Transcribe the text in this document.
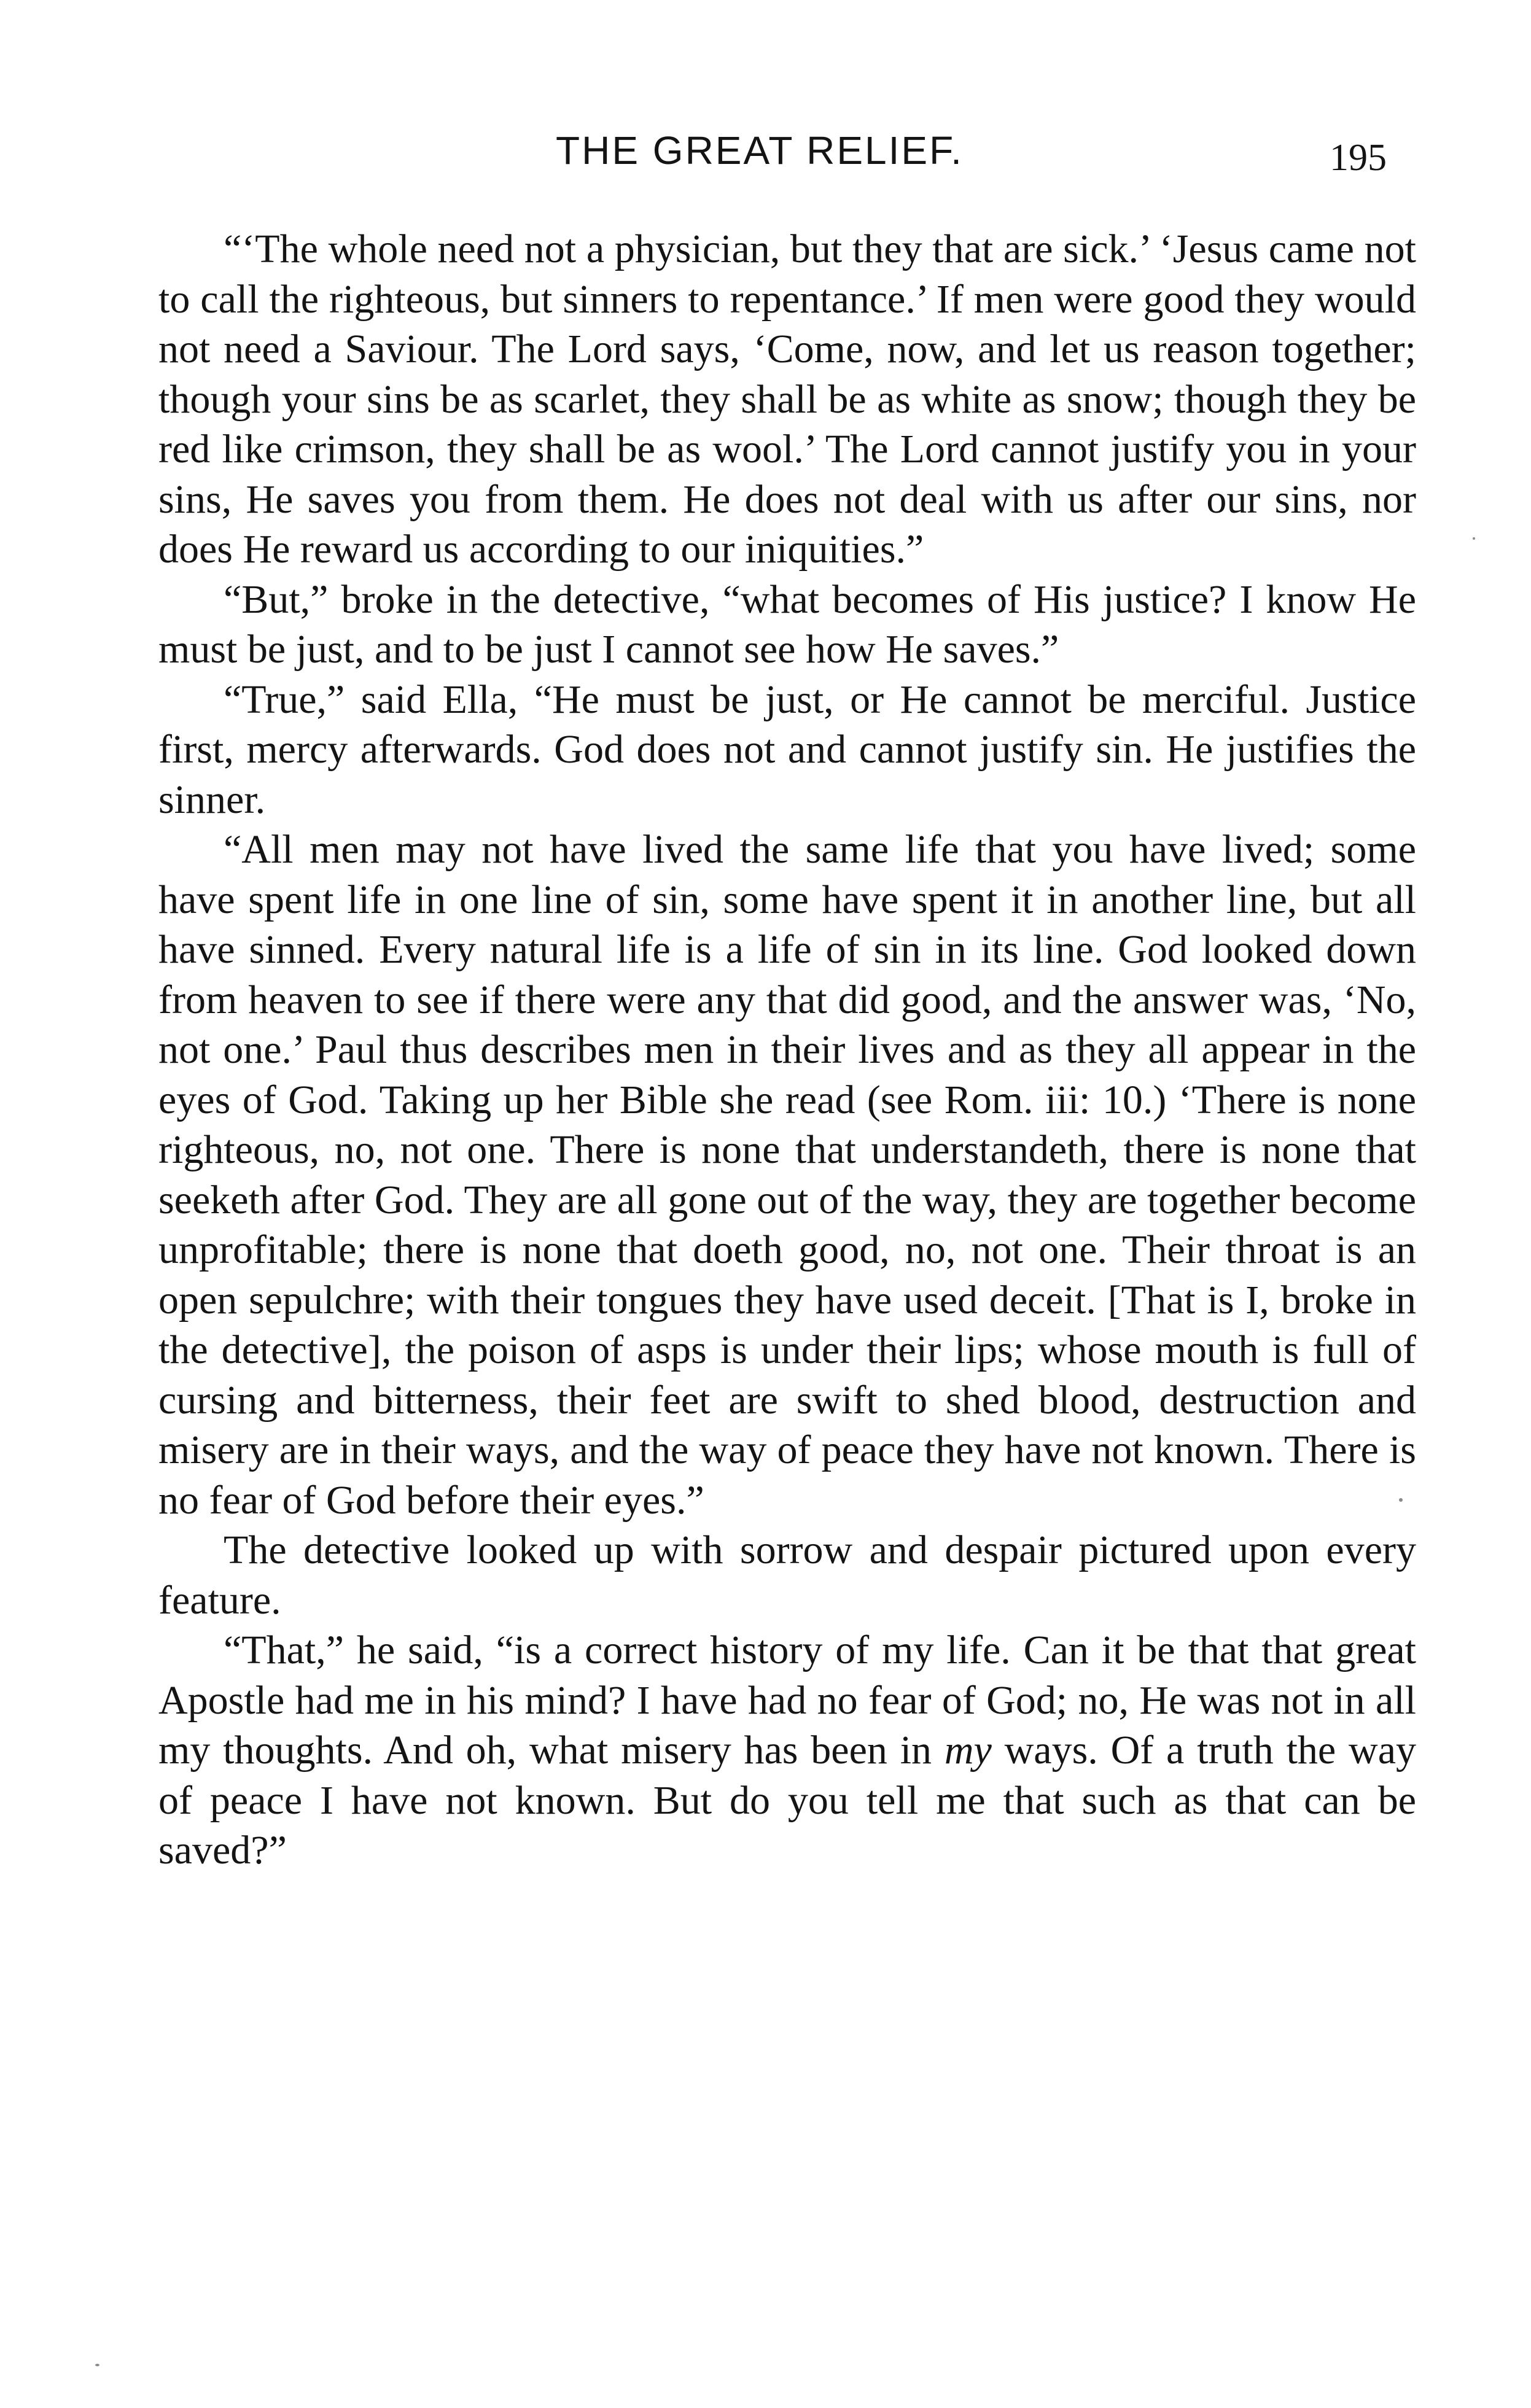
THE GREAT RELIEF.	195

“‘The whole need not a physician, but they that are sick.’ ‘Jesus came not to call the righteous, but sinners to repentance.’ If men were good they would not need a Saviour. The Lord says, ‘Come, now, and let us reason together; though your sins be as scarlet, they shall be as white as snow; though they be red like crimson, they shall be as wool.’ The Lord cannot justify you in your sins, He saves you from them. He does not deal with us after our sins, nor does He reward us according to our iniquities.”

“But,” broke in the detective, “what becomes of His justice? I know He must be just, and to be just I cannot see how He saves.”

“True,” said Ella, “He must be just, or He cannot be merciful. Justice first, mercy afterwards. God does not and cannot justify sin. He justifies the sinner.

“All men may not have lived the same life that you have lived; some have spent life in one line of sin, some have spent it in another line, but all have sinned. Every natural life is a life of sin in its line. God looked down from heaven to see if there were any that did good, and the answer was, ‘No, not one.’ Paul thus describes men in their lives and as they all appear in the eyes of God. Taking up her Bible she read (see Rom. iii: 10.) ‘There is none righteous, no, not one. There is none that understandeth, there is none that seeketh after God. They are all gone out of the way, they are together become unprofitable; there is none that doeth good, no, not one. Their throat is an open sepulchre; with their tongues they have used deceit. [That is I, broke in the detective], the poison of asps is under their lips; whose mouth is full of cursing and bitterness, their feet are swift to shed blood, destruction and misery are in their ways, and the way of peace they have not known. There is no fear of God before their eyes.”

The detective looked up with sorrow and despair pictured upon every feature.

“That,” he said, “is a correct history of my life. Can it be that that great Apostle had me in his mind? I have had no fear of God; no, He was not in all my thoughts. And oh, what misery has been in my ways. Of a truth the way of peace I have not known. But do you tell me that such as that can be saved?”
